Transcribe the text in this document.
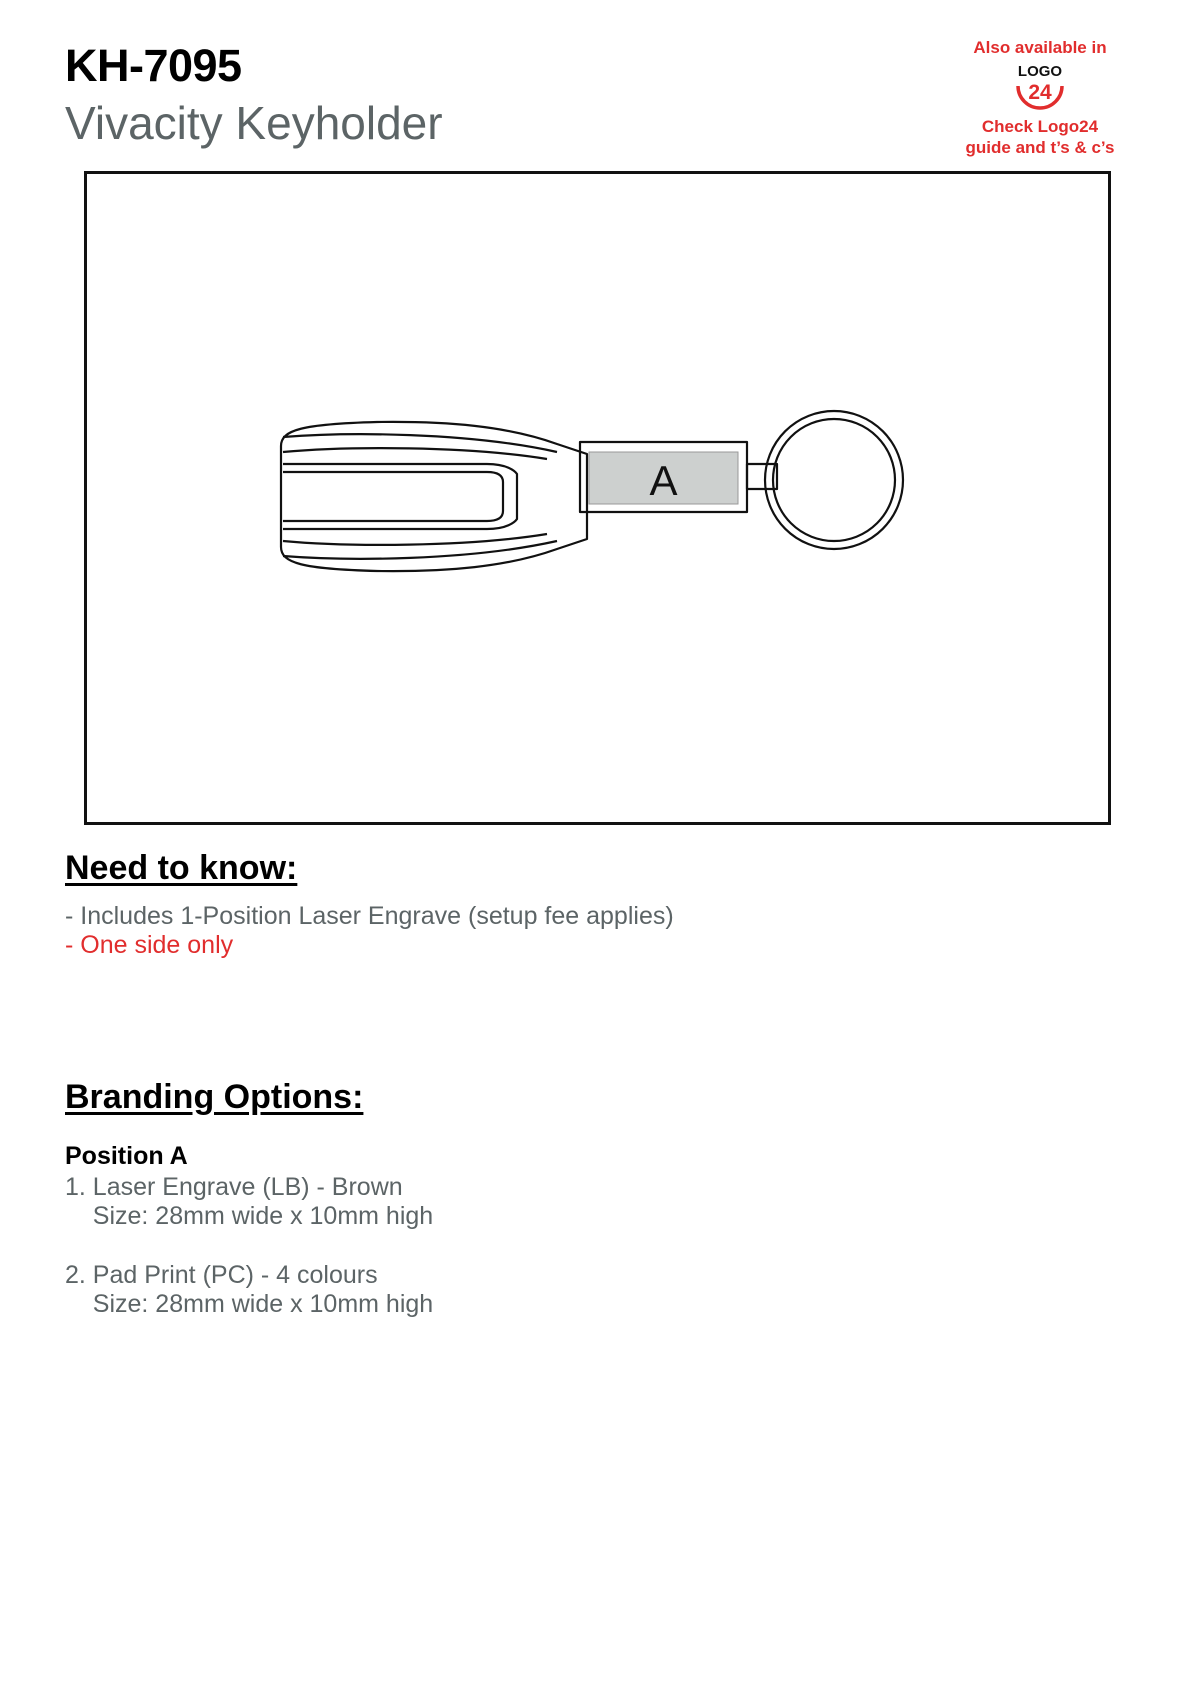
KH-7095
Vivacity Keyholder
Also available in
LOGO
24
Check Logo24
guide and t’s & c’s
A
Need to know:
- Includes 1-Position Laser Engrave (setup fee applies)
- One side only
Branding Options:
Position A
1. Laser Engrave (LB) - Brown
Size: 28mm wide x 10mm high
2. Pad Print (PC) - 4 colours
Size: 28mm wide x 10mm high
